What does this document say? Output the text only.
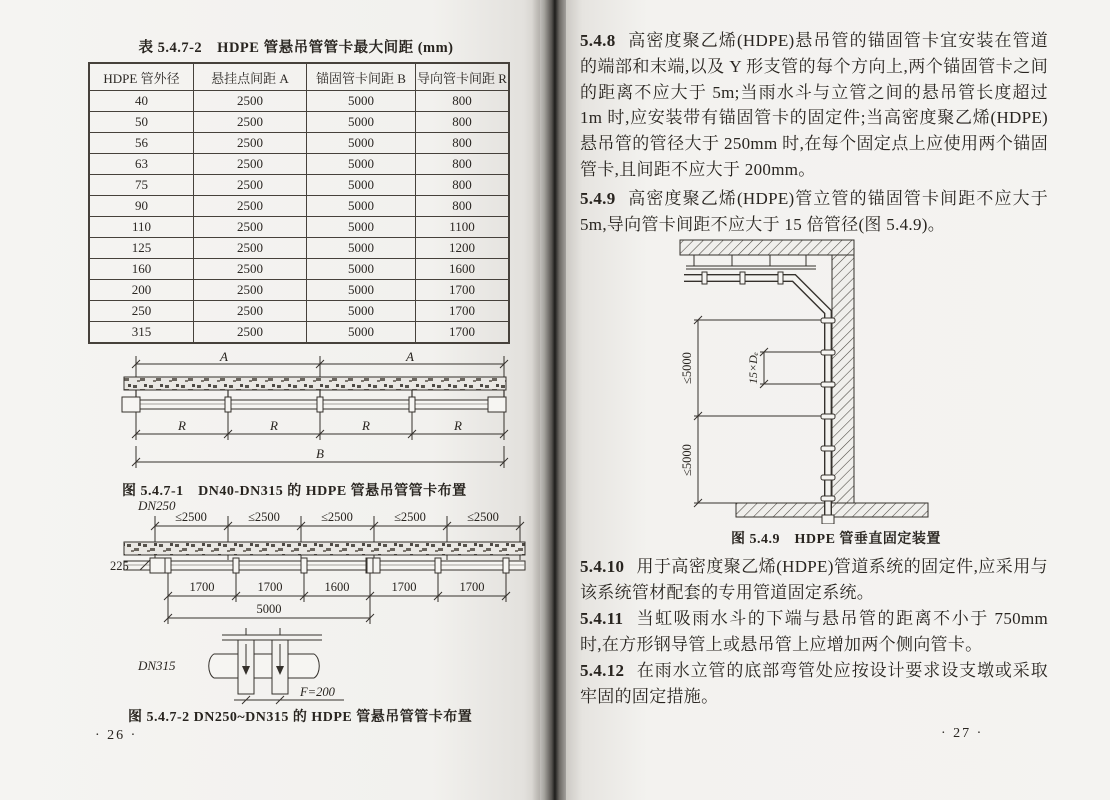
表 5.4.7-2　HDPE 管悬吊管管卡最大间距 (mm)
HDPE 管外径	悬挂点间距 A	锚固管卡间距 B	导向管卡间距 R
40	2500	5000	800
50	2500	5000	800
56	2500	5000	800
63	2500	5000	800
75	2500	5000	800
90	2500	5000	800
110	2500	5000	1100
125	2500	5000	1200
160	2500	5000	1600
200	2500	5000	1700
250	2500	5000	1700
315	2500	5000	1700
A	A
R	R	R	R
B
图 5.4.7-1　DN40-DN315 的 HDPE 管悬吊管管卡布置
DN250
≤2500	≤2500	≤2500	≤2500	≤2500
225
1700	1700	1600	1700	1700
5000
DN315
F=200
图 5.4.7-2 DN250~DN315 的 HDPE 管悬吊管管卡布置
· 26 ·

5.4.8 高密度聚乙烯(HDPE)悬吊管的锚固管卡宜安装在管道的端部和末端,以及 Y 形支管的每个方向上,两个锚固管卡之间的距离不应大于 5m;当雨水斗与立管之间的悬吊管长度超过 1m 时,应安装带有锚固管卡的固定件;当高密度聚乙烯(HDPE)悬吊管的管径大于 250mm 时,在每个固定点上应使用两个锚固管卡,且间距不应大于 200mm。

5.4.9 高密度聚乙烯(HDPE)管立管的锚固管卡间距不应大于 5m,导向管卡间距不应大于 15 倍管径(图 5.4.9)。

≤5000
≤5000
15×Dₑ
图 5.4.9　HDPE 管垂直固定装置

5.4.10 用于高密度聚乙烯(HDPE)管道系统的固定件,应采用与该系统管材配套的专用管道固定系统。

5.4.11 当虹吸雨水斗的下端与悬吊管的距离不小于 750mm 时,在方形钢导管上或悬吊管上应增加两个侧向管卡。

5.4.12 在雨水立管的底部弯管处应按设计要求设支墩或采取牢固的固定措施。

· 27 ·
